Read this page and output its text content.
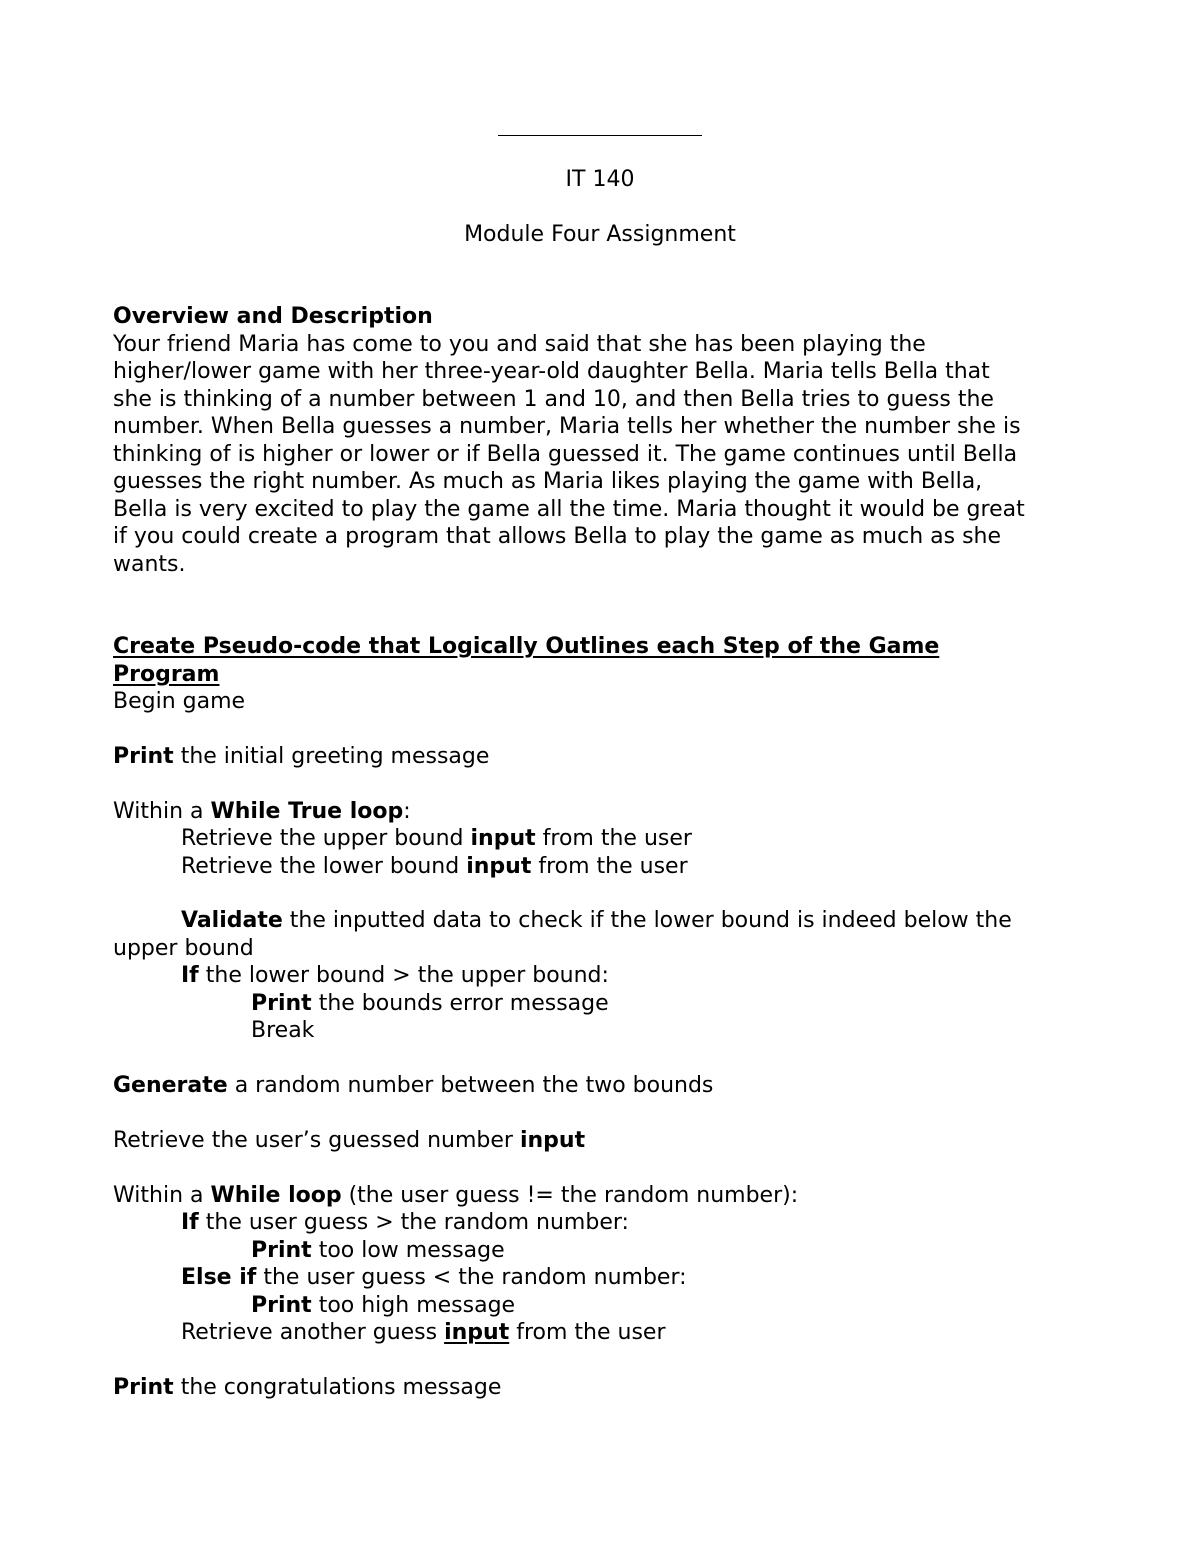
IT 140
Module Four Assignment
Overview and Description
Your friend Maria has come to you and said that she has been playing the
higher/lower game with her three-year-old daughter Bella. Maria tells Bella that
she is thinking of a number between 1 and 10, and then Bella tries to guess the
number. When Bella guesses a number, Maria tells her whether the number she is
thinking of is higher or lower or if Bella guessed it. The game continues until Bella
guesses the right number. As much as Maria likes playing the game with Bella,
Bella is very excited to play the game all the time. Maria thought it would be great
if you could create a program that allows Bella to play the game as much as she
wants.
Create Pseudo-code that Logically Outlines each Step of the Game
Program
Begin game
Print the initial greeting message
Within a While True loop:
Retrieve the upper bound input from the user
Retrieve the lower bound input from the user
Validate the inputted data to check if the lower bound is indeed below the
upper bound
If the lower bound > the upper bound:
Print the bounds error message
Break
Generate a random number between the two bounds
Retrieve the user’s guessed number input
Within a While loop (the user guess != the random number):
If the user guess > the random number:
Print too low message
Else if the user guess < the random number:
Print too high message
Retrieve another guess input from the user
Print the congratulations message
